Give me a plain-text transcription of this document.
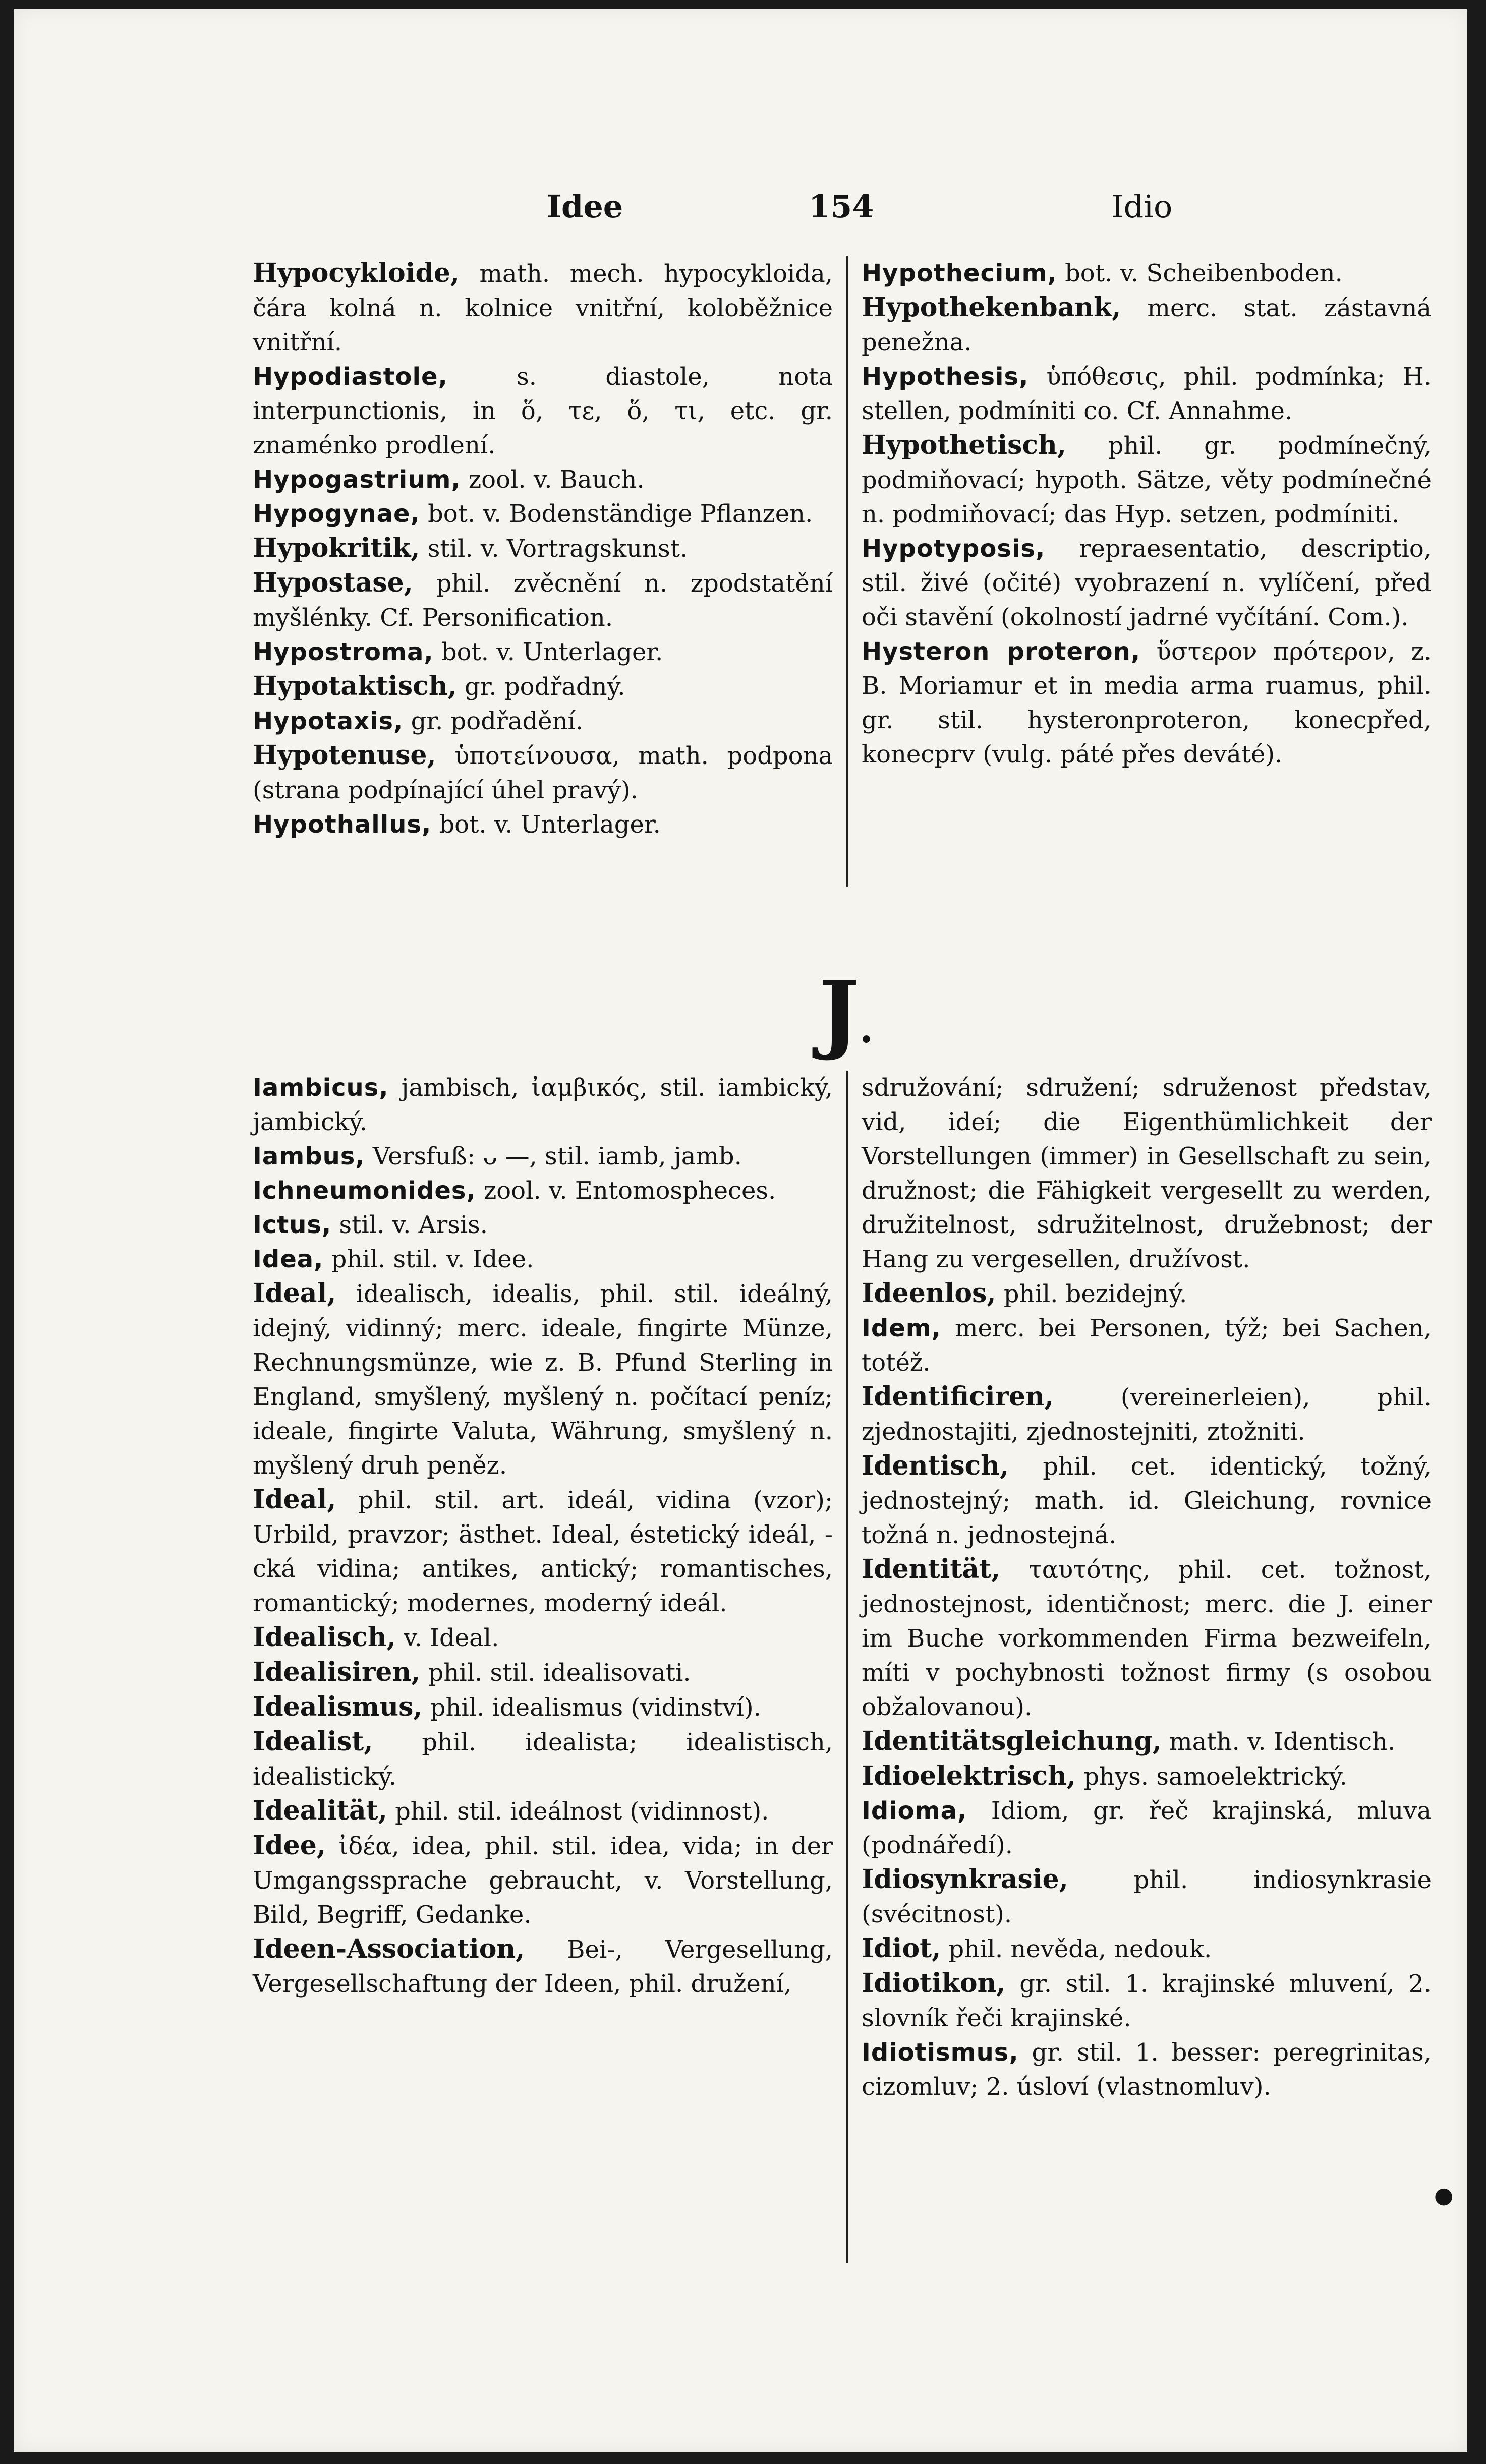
Idee	154	Idio

Hypocykloide, math. mech. hypocykloida, čára kolná n. kolnice vnitřní, koloběžnice vnitřní.

Hypodiastole,	s. diastole, nota interpunctionis, in ὅ, τε, ὅ, τι, etc. gr. znaménko prodlení.

Hypogastrium, zool. v. Bauch.

Hypogynae, bot. v. Bodenständige Pflanzen.

Hypokritik, stil. v. Vortragskunst.

Hypostase, phil. zvěcnění n. zpodstatění myšlénky. Cf. Personification.

Hypostroma, bot. v. Unterlager.

Hypotaktisch, gr. podřadný.

Hypotaxis, gr. podřadění.

Hypotenuse, ὑποτείνουσα, math. podpona (strana podpínající úhel pravý).

Hypothallus, bot. v. Unterlager.

Hypothecium, bot. v. Scheibenboden.

Hypothekenbank, merc. stat. zástavná penežna.

Hypothesis, ὑπόθεσις, phil. podmínka; H. stellen, podmíniti co. Cf. Annahme.

Hypothetisch, phil. gr. podmínečný, podmiňovací; hypoth. Sätze, věty podmínečné n. podmiňovací; das Hyp. setzen, podmíniti.

Hypotyposis, repraesentatio, descriptio, stil. živé (očité) vyobrazení n. vylíčení, před oči stavění (okolností jadrné vyčítání. Com.).

Hysteron proteron, ὕστερον πρότερον, z. B. Moriamur et in media arma ruamus, phil. gr. stil. hysteronproteron, konecpřed, konecprv (vulg. páté přes deváté).

J.

Iambicus, jambisch, ἰαμβικός, stil. iambický, jambický.

Iambus, Versfuß: ᴗ —, stil. iamb, jamb.

Ichneumonides, zool. v. Entomospheces.

Ictus, stil. v. Arsis.

Idea, phil. stil. v. Idee.

Ideal, idealisch, idealis, phil. stil. ideálný, idejný, vidinný; merc. ideale, fingirte Münze, Rechnungsmünze, wie z. B. Pfund Sterling in England, smyšlený, myšlený n. počítací peníz; ideale, fingirte Valuta, Währung, smyšlený n. myšlený druh peněz.

Ideal, phil. stil. art. ideál, vidina (vzor); Urbild, pravzor; ästhet. Ideal, éstetický ideál, -cká vidina; antikes, antický; romantisches, romantický; modernes, moderný ideál.

Idealisch, v. Ideal.

Idealisiren, phil. stil. idealisovati.

Idealismus, phil. idealismus (vidinství).

Idealist, phil. idealista; idealistisch, idealistický.

Idealität, phil. stil. ideálnost (vidinnost).

Idee, ἰδέα, idea, phil. stil. idea, vida; in der Umgangssprache gebraucht, v. Vorstellung, Bild, Begriff, Gedanke.

Ideen-Association, Bei-, Vergesellung, Vergesellschaftung der Ideen, phil. družení,

sdružování; sdružení; sdruženost představ, vid, ideí; die Eigenthümlichkeit der Vorstellungen (immer) in Gesellschaft zu sein, družnost; die Fähigkeit vergesellt zu werden, družitelnost, sdružitelnost, družebnost; der Hang zu vergesellen, družívost.

Ideenlos, phil. bezidejný.

Idem, merc. bei Personen, týž; bei Sachen, totéž.

Identificiren,	(vereinerleien), phil. zjednostajiti, zjednostejniti, ztožniti.

Identisch, phil. cet. identický, tožný, jednostejný; math. id. Gleichung, rovnice tožná n. jednostejná.

Identität, ταυτότης, phil. cet. tožnost, jednostejnost, identičnost; merc. die J. einer im Buche vorkommenden Firma bezweifeln, míti v pochybnosti tožnost firmy (s osobou obžalovanou).

Identitätsgleichung, math. v. Identisch.

Idioelektrisch, phys. samoelektrický.

Idioma, Idiom, gr. řeč krajinská, mluva (podnáředí).

Idiosynkrasie,	phil. indiosynkrasie (svécitnost).

Idiot, phil. nevěda, nedouk.

Idiotikon, gr. stil. 1. krajinské mluvení, 2. slovník řeči krajinské.

Idiotismus, gr. stil. 1. besser: peregrinitas, cizomluv; 2. úsloví (vlastnomluv).

●
